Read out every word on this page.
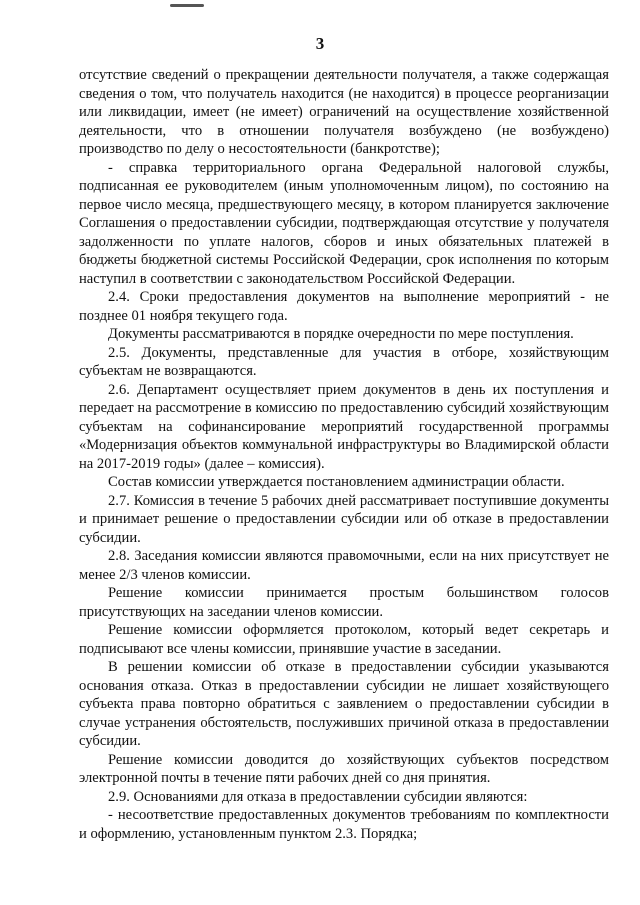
3

отсутствие сведений о прекращении деятельности получателя, а также содержащая сведения о том, что получатель находится (не находится) в процессе реорганизации или ликвидации, имеет (не имеет) ограничений на осуществление хозяйственной деятельности, что в отношении получателя возбуждено (не возбуждено) производство по делу о несостоятельности (банкротстве);

- справка территориального органа Федеральной налоговой службы, подписанная ее руководителем (иным уполномоченным лицом), по состоянию на первое число месяца, предшествующего месяцу, в котором планируется заключение Соглашения о предоставлении субсидии, подтверждающая отсутствие у получателя задолженности по уплате налогов, сборов и иных обязательных платежей в бюджеты бюджетной системы Российской Федерации, срок исполнения по которым наступил в соответствии с законодательством Российской Федерации.

2.4. Сроки предоставления документов на выполнение мероприятий - не позднее 01 ноября текущего года.

Документы рассматриваются в порядке очередности по мере поступления.

2.5. Документы, представленные для участия в отборе, хозяйствующим субъектам не возвращаются.

2.6. Департамент осуществляет прием документов в день их поступления и передает на рассмотрение в комиссию по предоставлению субсидий хозяйствующим субъектам на софинансирование мероприятий государственной программы «Модернизация объектов коммунальной инфраструктуры во Владимирской области на 2017-2019 годы» (далее – комиссия).

Состав комиссии утверждается постановлением администрации области.

2.7. Комиссия в течение 5 рабочих дней рассматривает поступившие документы и принимает решение о предоставлении субсидии или об отказе в предоставлении субсидии.

2.8. Заседания комиссии являются правомочными, если на них присутствует не менее 2/3 членов комиссии.

Решение комиссии принимается простым большинством голосов присутствующих на заседании членов комиссии.

Решение комиссии оформляется протоколом, который ведет секретарь и подписывают все члены комиссии, принявшие участие в заседании.

В решении комиссии об отказе в предоставлении субсидии указываются основания отказа. Отказ в предоставлении субсидии не лишает хозяйствующего субъекта права повторно обратиться с заявлением о предоставлении субсидии в случае устранения обстоятельств, послуживших причиной отказа в предоставлении субсидии.

Решение комиссии доводится до хозяйствующих субъектов посредством электронной почты в течение пяти рабочих дней со дня принятия.

2.9. Основаниями для отказа в предоставлении субсидии являются:

- несоответствие предоставленных документов требованиям по комплектности и оформлению, установленным пунктом 2.3. Порядка;
